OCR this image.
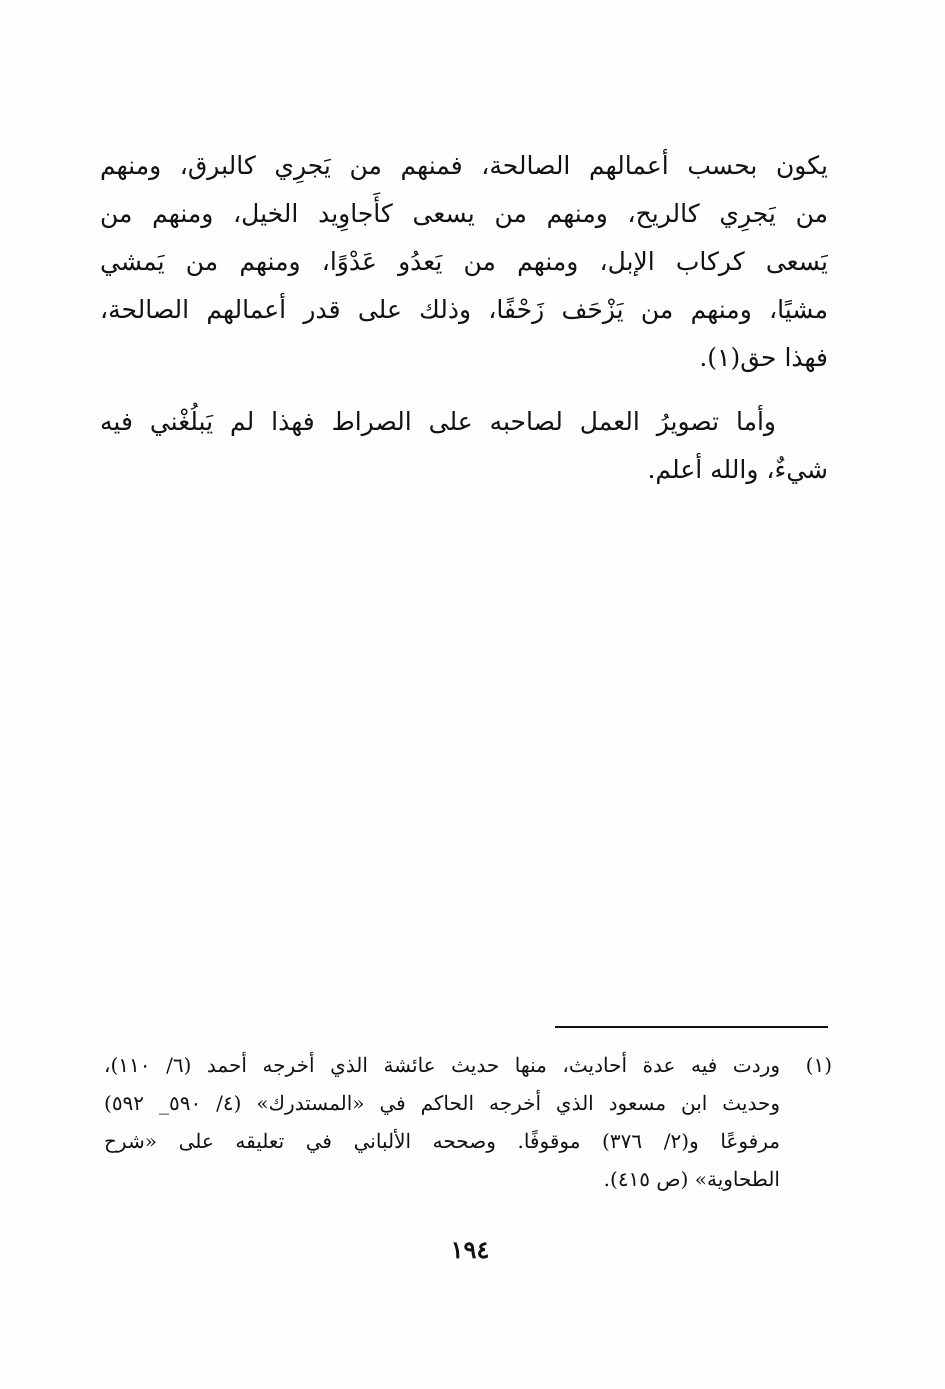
يكون بحسب أعمالهم الصالحة، فمنهم من يَجرِي كالبرق، ومنهم
من يَجرِي كالريح، ومنهم من يسعى كأَجاوِيد الخيل، ومنهم من
يَسعى كركاب الإبل، ومنهم من يَعدُو عَدْوًا، ومنهم من يَمشي
مشيًا، ومنهم من يَزْحَف زَحْفًا، وذلك على قدر أعمالهم الصالحة،
فهذا حق(١).
وأما تصويرُ العمل لصاحبه على الصراط فهذا لم يَبلُغْني فيه
شيءٌ، والله أعلم.
(١)
وردت فيه عدة أحاديث، منها حديث عائشة الذي أخرجه أحمد (٦/ ١١٠)،
وحديث ابن مسعود الذي أخرجه الحاكم في «المستدرك» (٤/ ٥٩٠_ ٥٩٢)
مرفوعًا و(٢/ ٣٧٦) موقوفًا. وصححه الألباني في تعليقه على «شرح
الطحاوية» (ص ٤١٥).
١٩٤
